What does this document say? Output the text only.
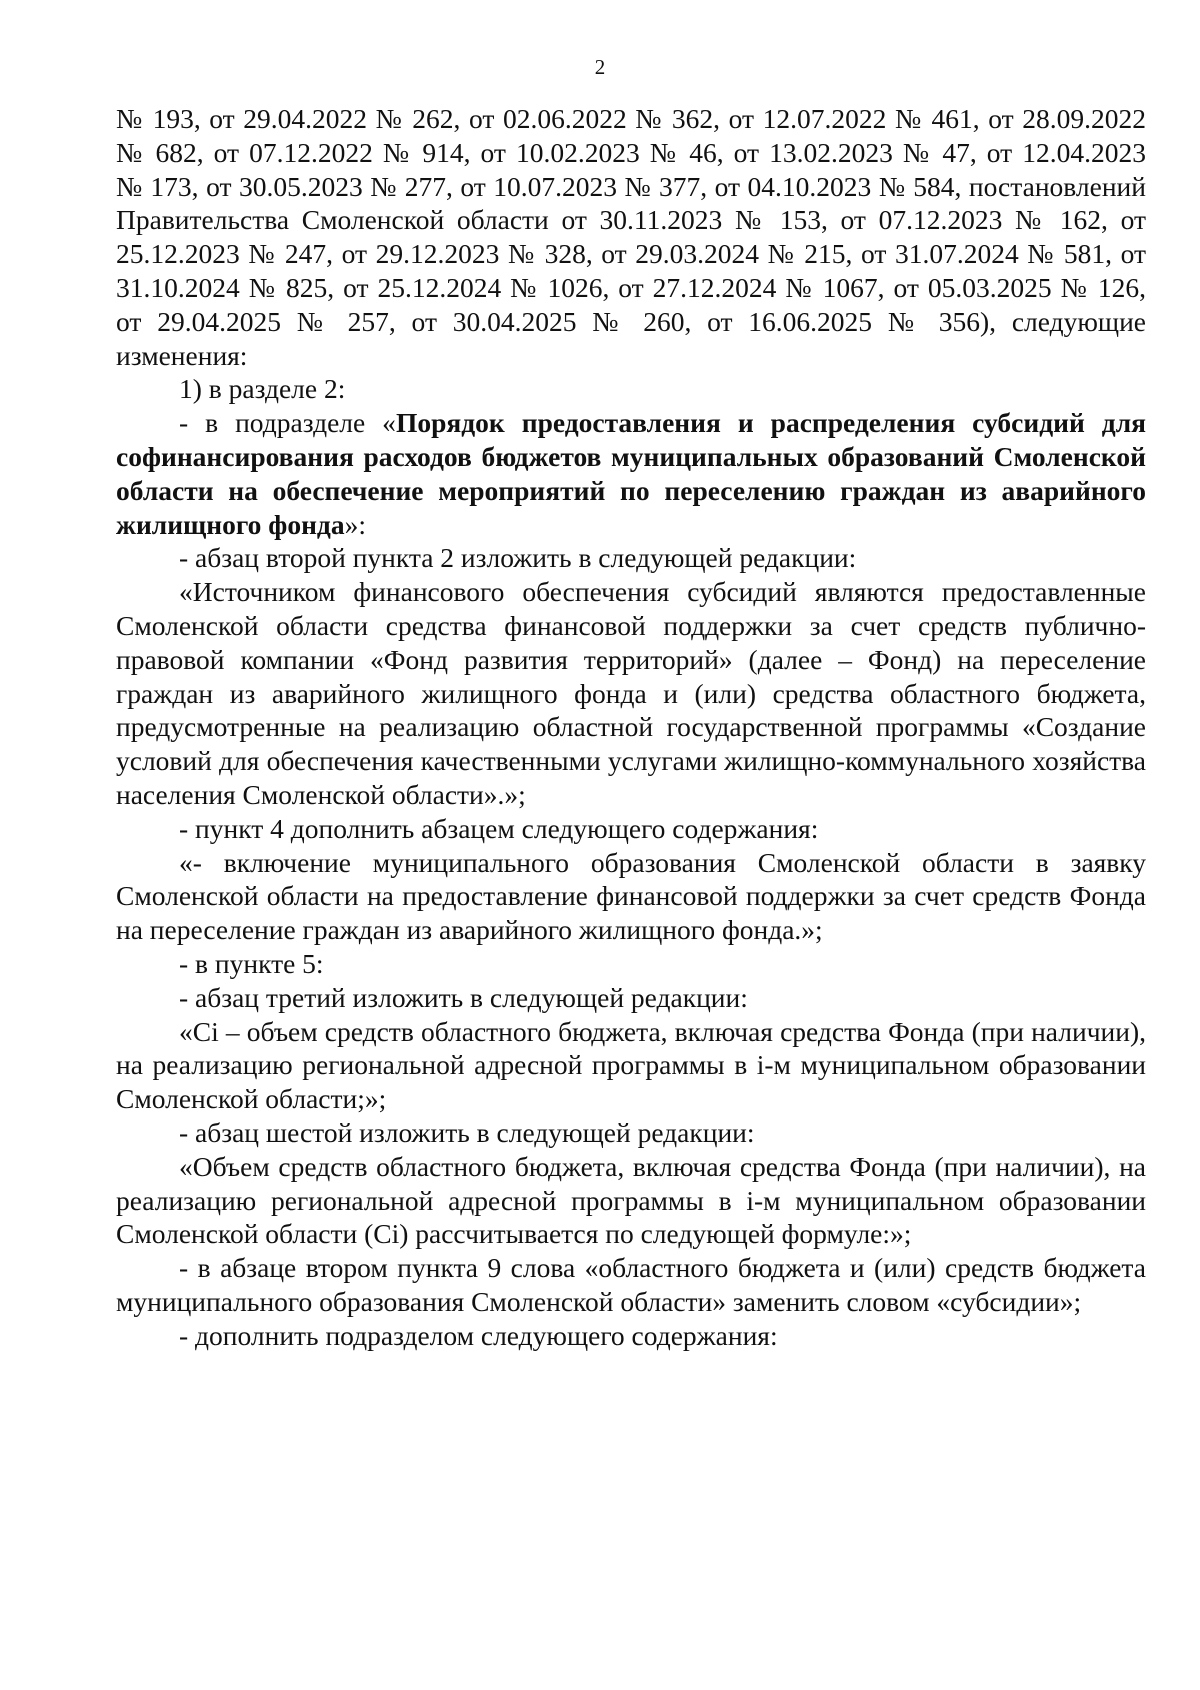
2

№ 193, от 29.04.2022 № 262, от 02.06.2022 № 362, от 12.07.2022 № 461, от 28.09.2022

№ 682, от 07.12.2022 № 914, от 10.02.2023 № 46, от 13.02.2023 № 47, от 12.04.2023

№ 173, от 30.05.2023 № 277, от 10.07.2023 № 377, от 04.10.2023 № 584, постановлений

Правительства Смоленской области от 30.11.2023 № 153, от 07.12.2023 № 162, от

25.12.2023 № 247, от 29.12.2023 № 328, от 29.03.2024 № 215, от 31.07.2024 № 581, от

31.10.2024 № 825, от 25.12.2024 № 1026, от 27.12.2024 № 1067, от 05.03.2025 № 126,

от 29.04.2025 № 257, от 30.04.2025 № 260, от 16.06.2025 № 356), следующие

изменения:

1) в разделе 2:

- в подразделе «Порядок предоставления и распределения субсидий для софинансирования расходов бюджетов муниципальных образований Смоленской области на обеспечение мероприятий по переселению граждан из аварийного жилищного фонда»:

- абзац второй пункта 2 изложить в следующей редакции:

«Источником финансового обеспечения субсидий являются предоставленные Смоленской области средства финансовой поддержки за счет средств публично-правовой компании «Фонд развития территорий» (далее – Фонд) на переселение граждан из аварийного жилищного фонда и (или) средства областного бюджета, предусмотренные на реализацию областной государственной программы «Создание условий для обеспечения качественными услугами жилищно-коммунального хозяйства населения Смоленской области».»;

- пункт 4 дополнить абзацем следующего содержания:

«- включение муниципального образования Смоленской области в заявку Смоленской области на предоставление финансовой поддержки за счет средств Фонда на переселение граждан из аварийного жилищного фонда.»;

- в пункте 5:

- абзац третий изложить в следующей редакции:

«Ci – объем средств областного бюджета, включая средства Фонда (при наличии), на реализацию региональной адресной программы в i-м муниципальном образовании Смоленской области;»;

- абзац шестой изложить в следующей редакции:

«Объем средств областного бюджета, включая средства Фонда (при наличии), на реализацию региональной адресной программы в i-м муниципальном образовании Смоленской области (Ci) рассчитывается по следующей формуле:»;

- в абзаце втором пункта 9 слова «областного бюджета и (или) средств бюджета муниципального образования Смоленской области» заменить словом «субсидии»;

- дополнить подразделом следующего содержания:
